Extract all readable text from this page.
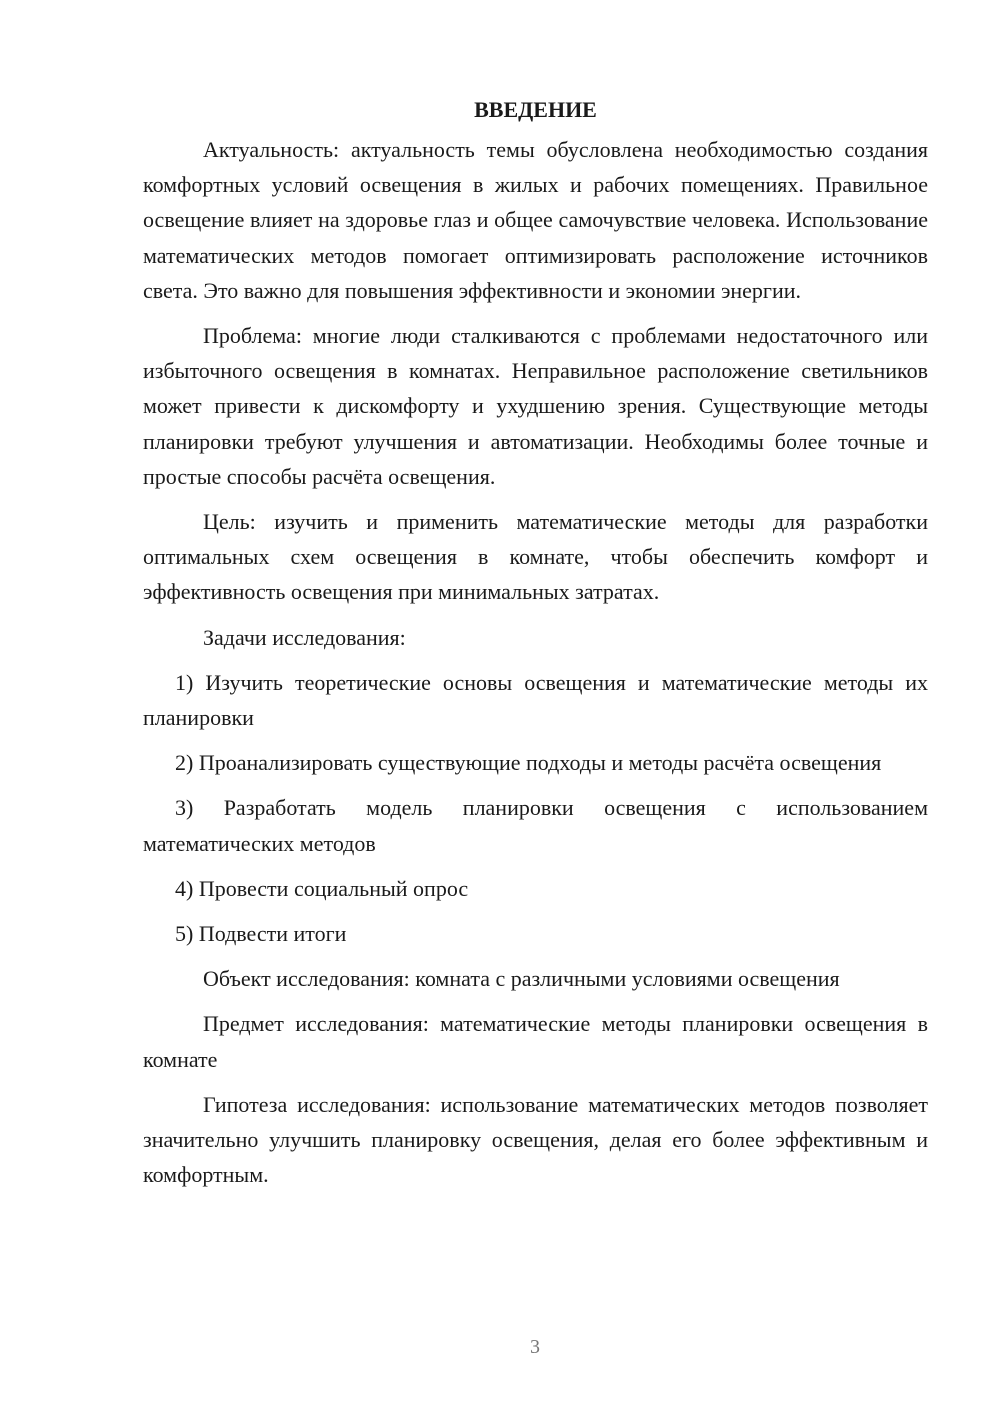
ВВЕДЕНИЕ

Актуальность: актуальность темы обусловлена необходимостью создания комфортных условий освещения в жилых и рабочих помещениях. Правильное освещение влияет на здоровье глаз и общее самочувствие человека. Использование математических методов помогает оптимизировать расположение источников света. Это важно для повышения эффективности и экономии энергии.

Проблема: многие люди сталкиваются с проблемами недостаточного или избыточного освещения в комнатах. Неправильное расположение светильников может привести к дискомфорту и ухудшению зрения. Существующие методы планировки требуют улучшения и автоматизации. Необходимы более точные и простые способы расчёта освещения.

Цель: изучить и применить математические методы для разработки оптимальных схем освещения в комнате, чтобы обеспечить комфорт и эффективность освещения при минимальных затратах.

Задачи исследования:

1) Изучить теоретические основы освещения и математические методы их планировки

2) Проанализировать существующие подходы и методы расчёта освещения

3) Разработать модель планировки освещения с использованием математических методов

4) Провести социальный опрос

5) Подвести итоги

Объект исследования: комната с различными условиями освещения

Предмет исследования: математические методы планировки освещения в комнате

Гипотеза исследования: использование математических методов позволяет значительно улучшить планировку освещения, делая его более эффективным и комфортным.

3
